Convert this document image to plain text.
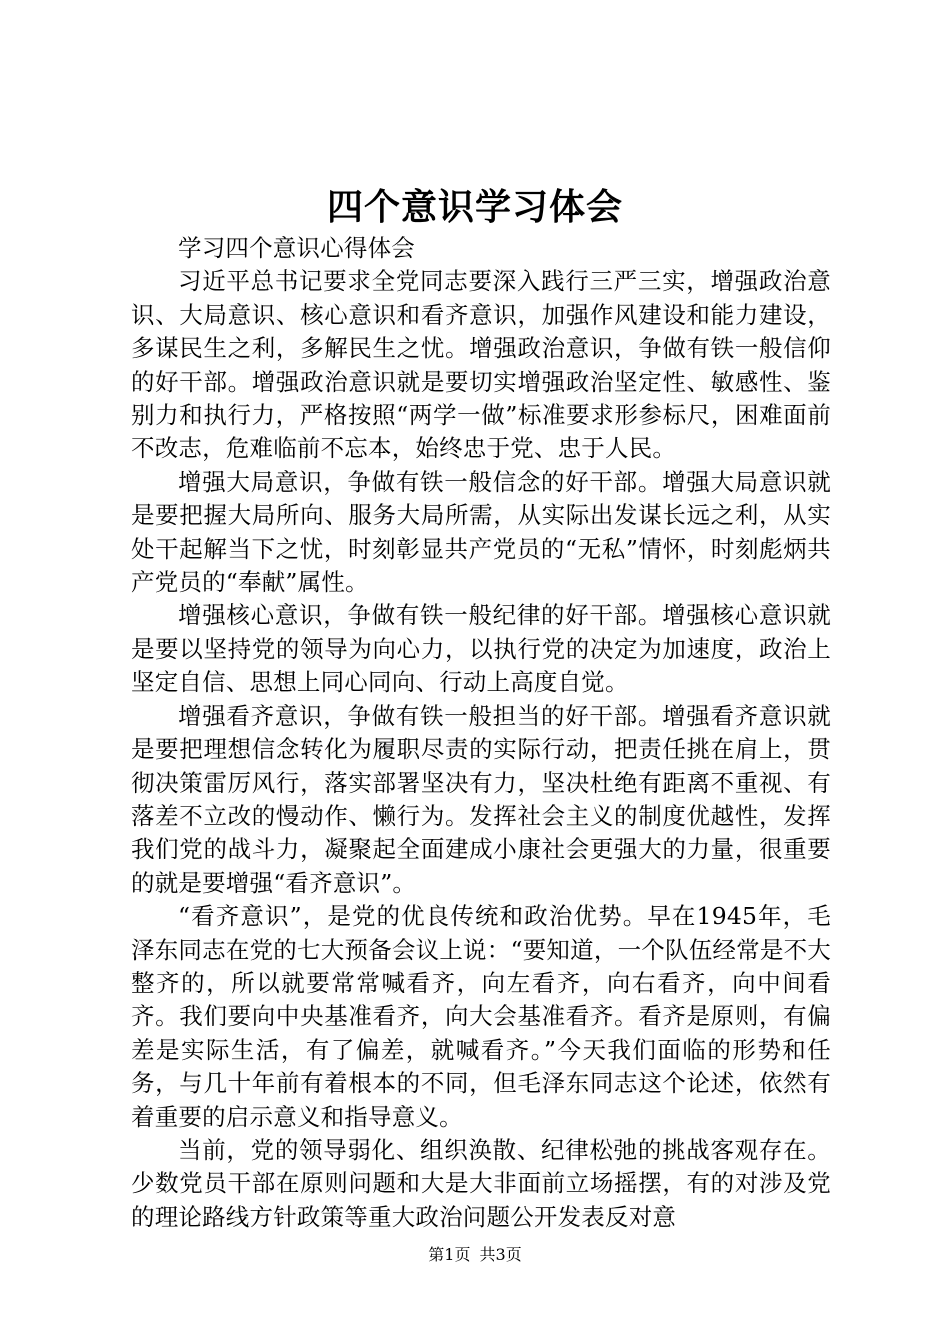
四个意识学习体会

学习四个意识心得体会

习近平总书记要求全党同志要深入践行三严三实，增强政治意识、大局意识、核心意识和看齐意识，加强作风建设和能力建设，多谋民生之利，多解民生之忧。增强政治意识，争做有铁一般信仰的好干部。增强政治意识就是要切实增强政治坚定性、敏感性、鉴别力和执行力，严格按照“两学一做”标准要求形参标尺，困难面前不改志，危难临前不忘本，始终忠于党、忠于人民。

增强大局意识，争做有铁一般信念的好干部。增强大局意识就是要把握大局所向、服务大局所需，从实际出发谋长远之利，从实处干起解当下之忧，时刻彰显共产党员的“无私”情怀，时刻彪炳共产党员的“奉献”属性。

增强核心意识，争做有铁一般纪律的好干部。增强核心意识就是要以坚持党的领导为向心力，以执行党的决定为加速度，政治上坚定自信、思想上同心同向、行动上高度自觉。

增强看齐意识，争做有铁一般担当的好干部。增强看齐意识就是要把理想信念转化为履职尽责的实际行动，把责任挑在肩上，贯彻决策雷厉风行，落实部署坚决有力，坚决杜绝有距离不重视、有落差不立改的慢动作、懒行为。发挥社会主义的制度优越性，发挥我们党的战斗力，凝聚起全面建成小康社会更强大的力量，很重要的就是要增强“看齐意识”。

“看齐意识”，是党的优良传统和政治优势。早在1945年，毛泽东同志在党的七大预备会议上说：“要知道，一个队伍经常是不大整齐的，所以就要常常喊看齐，向左看齐，向右看齐，向中间看齐。我们要向中央基准看齐，向大会基准看齐。看齐是原则，有偏差是实际生活，有了偏差，就喊看齐。”今天我们面临的形势和任务，与几十年前有着根本的不同，但毛泽东同志这个论述，依然有着重要的启示意义和指导意义。

当前，党的领导弱化、组织涣散、纪律松弛的挑战客观存在。少数党员干部在原则问题和大是大非面前立场摇摆，有的对涉及党的理论路线方针政策等重大政治问题公开发表反对意

第1页 共3页
